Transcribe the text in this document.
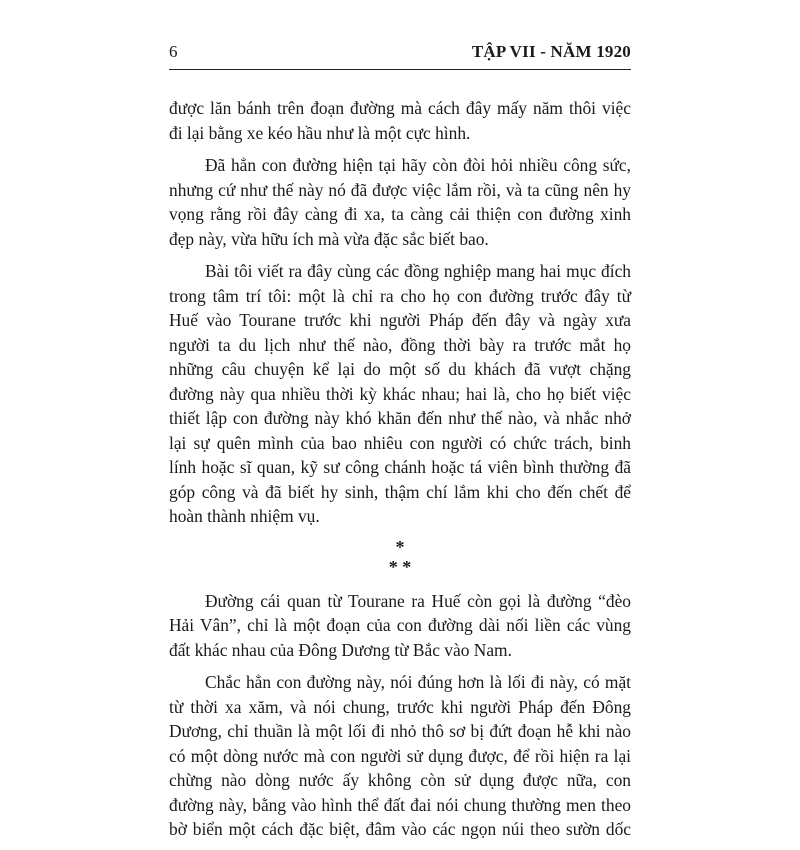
6	TẬP VII - NĂM 1920

được lăn bánh trên đoạn đường mà cách đây mấy năm thôi việc
đi lại bằng xe kéo hầu như là một cực hình.

Đã hẳn con đường hiện tại hãy còn đòi hỏi nhiều công sức,
nhưng cứ như thế này nó đã được việc lắm rồi, và ta cũng nên hy
vọng rằng rồi đây càng đi xa, ta càng cải thiện con đường xinh
đẹp này, vừa hữu ích mà vừa đặc sắc biết bao.

Bài tôi viết ra đây cùng các đồng nghiệp mang hai mục đích
trong tâm trí tôi: một là chỉ ra cho họ con đường trước đây từ
Huế vào Tourane trước khi người Pháp đến đây và ngày xưa
người ta du lịch như thế nào, đồng thời bày ra trước mắt họ
những câu chuyện kể lại do một số du khách đã vượt chặng
đường này qua nhiều thời kỳ khác nhau; hai là, cho họ biết việc
thiết lập con đường này khó khăn đến như thế nào, và nhắc nhở
lại sự quên mình của bao nhiêu con người có chức trách, binh
lính hoặc sĩ quan, kỹ sư công chánh hoặc tá viên bình thường đã
góp công và đã biết hy sinh, thậm chí lắm khi cho đến chết để
hoàn thành nhiệm vụ.

*
* *

Đường cái quan từ Tourane ra Huế còn gọi là đường “đèo
Hải Vân”, chỉ là một đoạn của con đường dài nối liền các vùng
đất khác nhau của Đông Dương từ Bắc vào Nam.

Chắc hẳn con đường này, nói đúng hơn là lối đi này, có mặt
từ thời xa xăm, và nói chung, trước khi người Pháp đến Đông
Dương, chỉ thuần là một lối đi nhỏ thô sơ bị đứt đoạn hễ khi nào
có một dòng nước mà con người sử dụng được, để rồi hiện ra lại
chừng nào dòng nước ấy không còn sử dụng được nữa, con
đường này, bằng vào hình thể đất đai nói chung thường men theo
bờ biển một cách đặc biệt, đâm vào các ngọn núi theo sườn dốc
